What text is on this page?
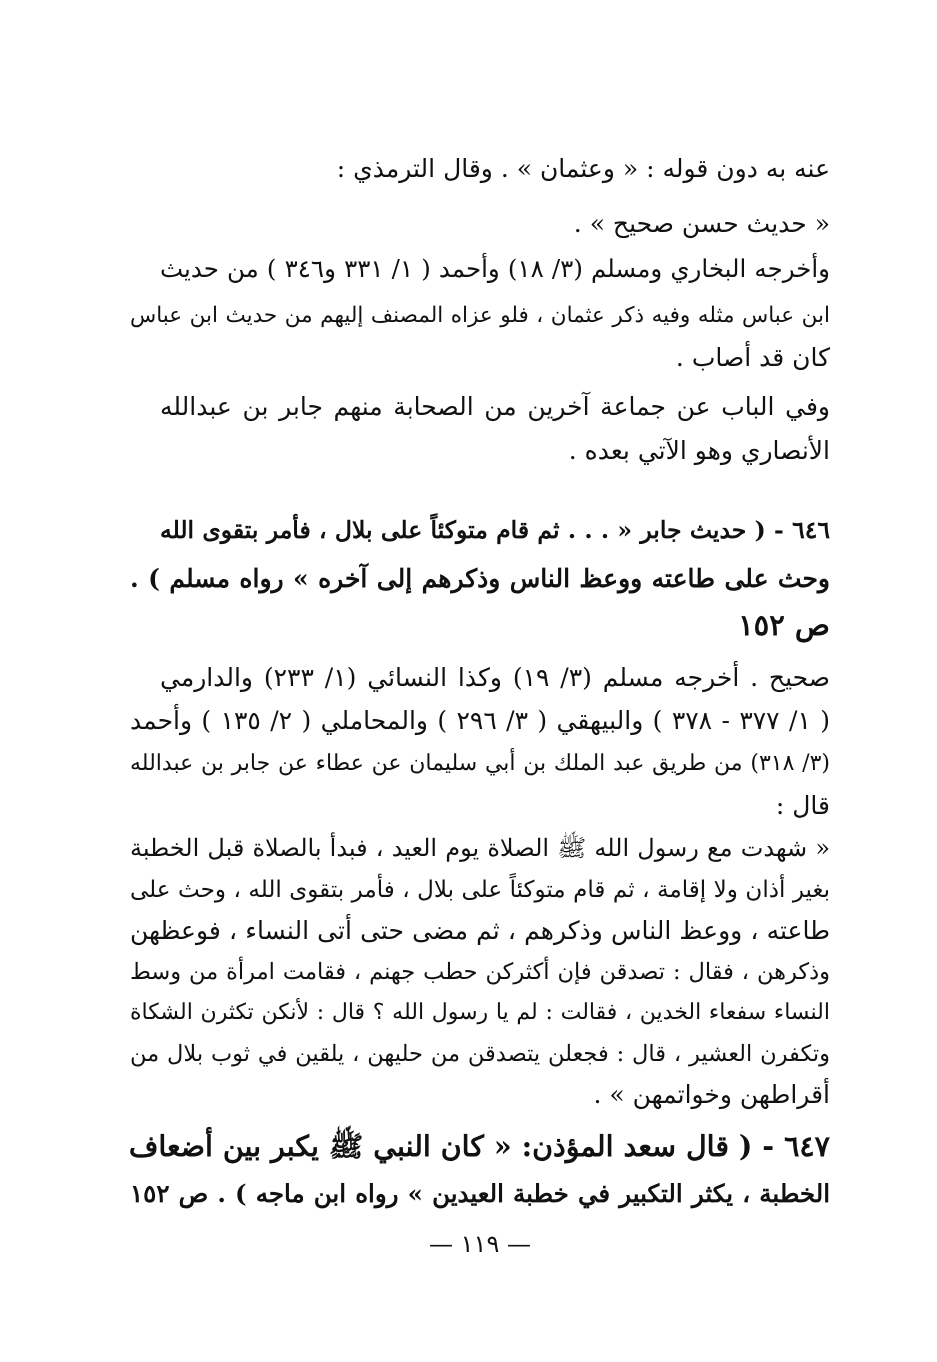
عنه به دون قوله : « وعثمان » . وقال الترمذي :
« حديث حسن صحيح » .
وأخرجه البخاري ومسلم (٣/ ١٨) وأحمد ( ١/ ٣٣١ و٣٤٦ ) من حديث
ابن عباس مثله وفيه ذكر عثمان ، فلو عزاه المصنف إليهم من حديث ابن عباس
كان قد أصاب .
وفي الباب عن جماعة آخرين من الصحابة منهم جابر بن عبدالله
الأنصاري وهو الآتي بعده .
٦٤٦ - ( حديث جابر « . . . ثم قام متوكئاً على بلال ، فأمر بتقوى الله
وحث على طاعته ووعظ الناس وذكرهم إلى آخره » رواه مسلم ) .
ص ١٥٢
صحيح . أخرجه مسلم (٣/ ١٩) وكذا النسائي (١/ ٢٣٣) والدارمي
( ١/ ٣٧٧ - ٣٧٨ ) والبيهقي ( ٣/ ٢٩٦ ) والمحاملي ( ٢/ ١٣٥ ) وأحمد
(٣/ ٣١٨) من طريق عبد الملك بن أبي سليمان عن عطاء عن جابر بن عبدالله
قال :
« شهدت مع رسول الله ﷺ الصلاة يوم العيد ، فبدأ بالصلاة قبل الخطبة
بغير أذان ولا إقامة ، ثم قام متوكئاً على بلال ، فأمر بتقوى الله ، وحث على
طاعته ، ووعظ الناس وذكرهم ، ثم مضى حتى أتى النساء ، فوعظهن
وذكرهن ، فقال : تصدقن فإن أكثركن حطب جهنم ، فقامت امرأة من وسط
النساء سفعاء الخدين ، فقالت : لم يا رسول الله ؟ قال : لأنكن تكثرن الشكاة
وتكفرن العشير ، قال : فجعلن يتصدقن من حليهن ، يلقين في ثوب بلال من
أقراطهن وخواتمهن » .
٦٤٧ - ( قال سعد المؤذن: « كان النبي ﷺ يكبر بين أضعاف
الخطبة ، يكثر التكبير في خطبة العيدين » رواه ابن ماجه ) . ص ١٥٢
— ١١٩ —
